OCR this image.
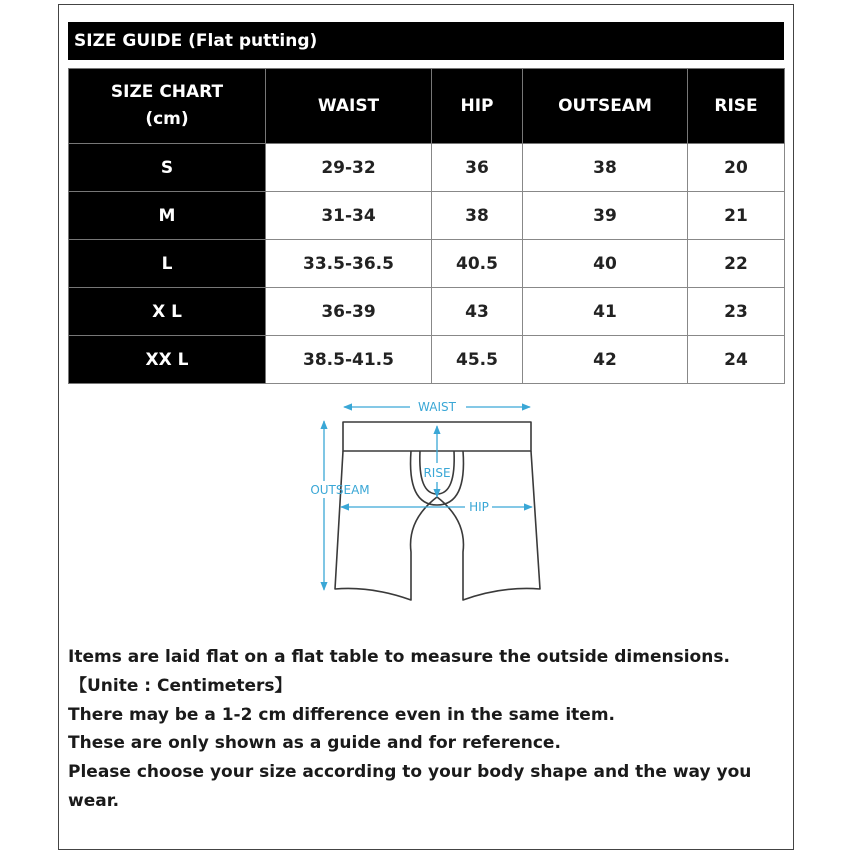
SIZE GUIDE (Flat putting)
SIZE CHART
(cm)	WAIST	HIP	OUTSEAM	RISE
S	29-32	36	38	20
M	31-34	38	39	21
L	33.5-36.5	40.5	40	22
X L	36-39	43	41	23
XX L	38.5-41.5	45.5	42	24
WAIST
RISE
OUTSEAM
HIP

Items are laid flat on a flat table to measure the outside dimensions.

【Unite : Centimeters】

There may be a 1-2 cm difference even in the same item.

These are only shown as a guide and for reference.

Please choose your size according to your body shape and the way you wear.
